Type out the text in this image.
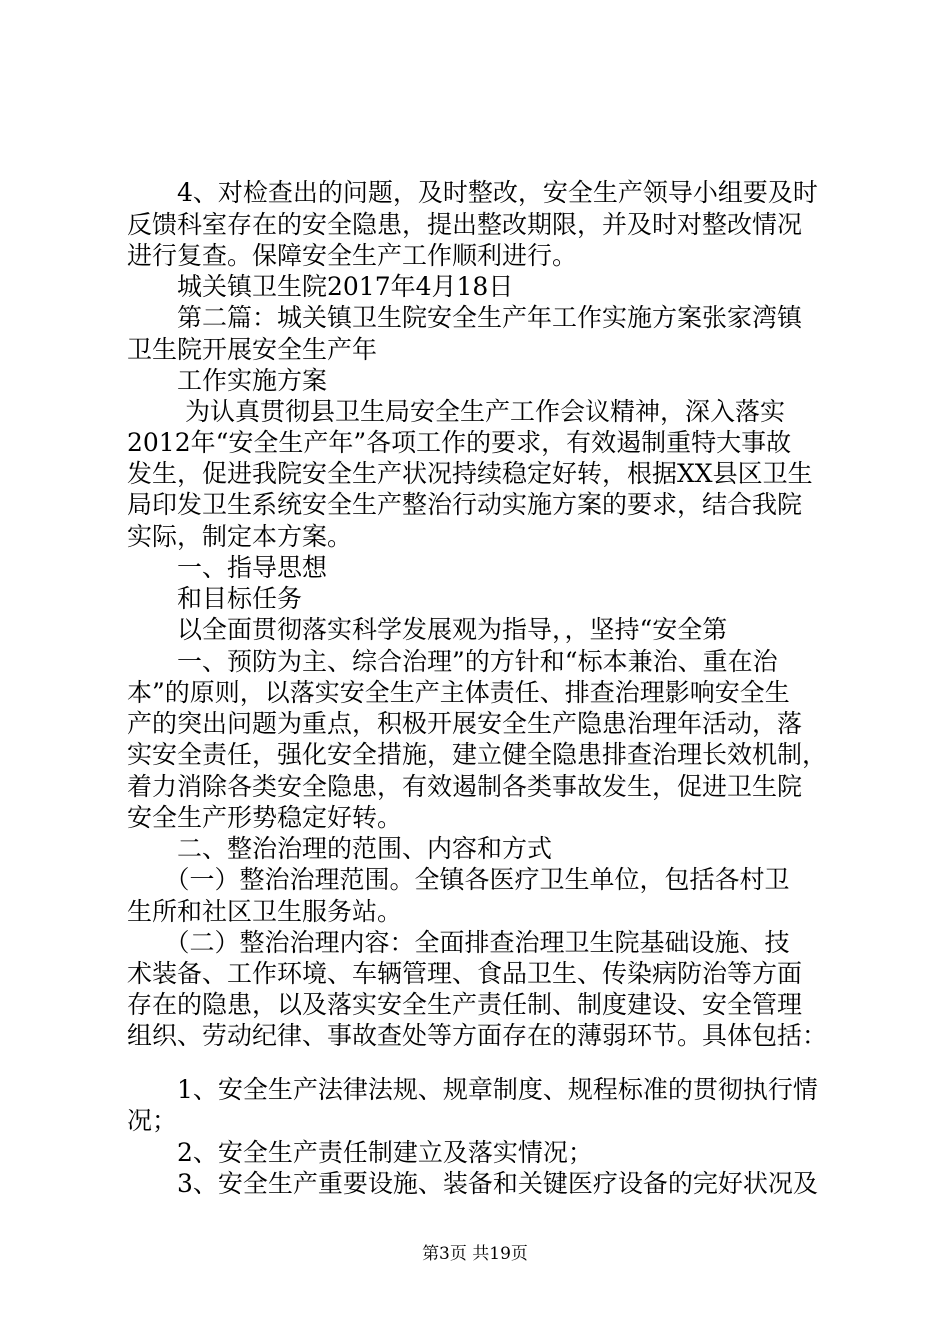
　　4、对检查出的问题，及时整改，安全生产领导小组要及时

反馈科室存在的安全隐患，提出整改期限，并及时对整改情况

进行复查。保障安全生产工作顺利进行。

　　城关镇卫生院2017年4月18日

　　第二篇：城关镇卫生院安全生产年工作实施方案张家湾镇

卫生院开展安全生产年

　　工作实施方案

　　 为认真贯彻县卫生局安全生产工作会议精神，深入落实

2012年“安全生产年”各项工作的要求，有效遏制重特大事故

发生，促进我院安全生产状况持续稳定好转，根据XX县区卫生

局印发卫生系统安全生产整治行动实施方案的要求，结合我院

实际，制定本方案。

　　一、指导思想

　　和目标任务

　　以全面贯彻落实科学发展观为指导，，坚持“安全第

　　一、预防为主、综合治理”的方针和“标本兼治、重在治

本”的原则，以落实安全生产主体责任、排查治理影响安全生

产的突出问题为重点，积极开展安全生产隐患治理年活动，落

实安全责任，强化安全措施，建立健全隐患排查治理长效机制，

着力消除各类安全隐患，有效遏制各类事故发生，促进卫生院

安全生产形势稳定好转。

　　二、整治治理的范围、内容和方式

　　（一）整治治理范围。全镇各医疗卫生单位，包括各村卫

生所和社区卫生服务站。

　　（二）整治治理内容：全面排查治理卫生院基础设施、技

术装备、工作环境、车辆管理、食品卫生、传染病防治等方面

存在的隐患，以及落实安全生产责任制、制度建设、安全管理

组织、劳动纪律、事故查处等方面存在的薄弱环节。具体包括：

　　1、安全生产法律法规、规章制度、规程标准的贯彻执行情

况；

　　2、安全生产责任制建立及落实情况；

　　3、安全生产重要设施、装备和关键医疗设备的完好状况及

第3页 共19页
